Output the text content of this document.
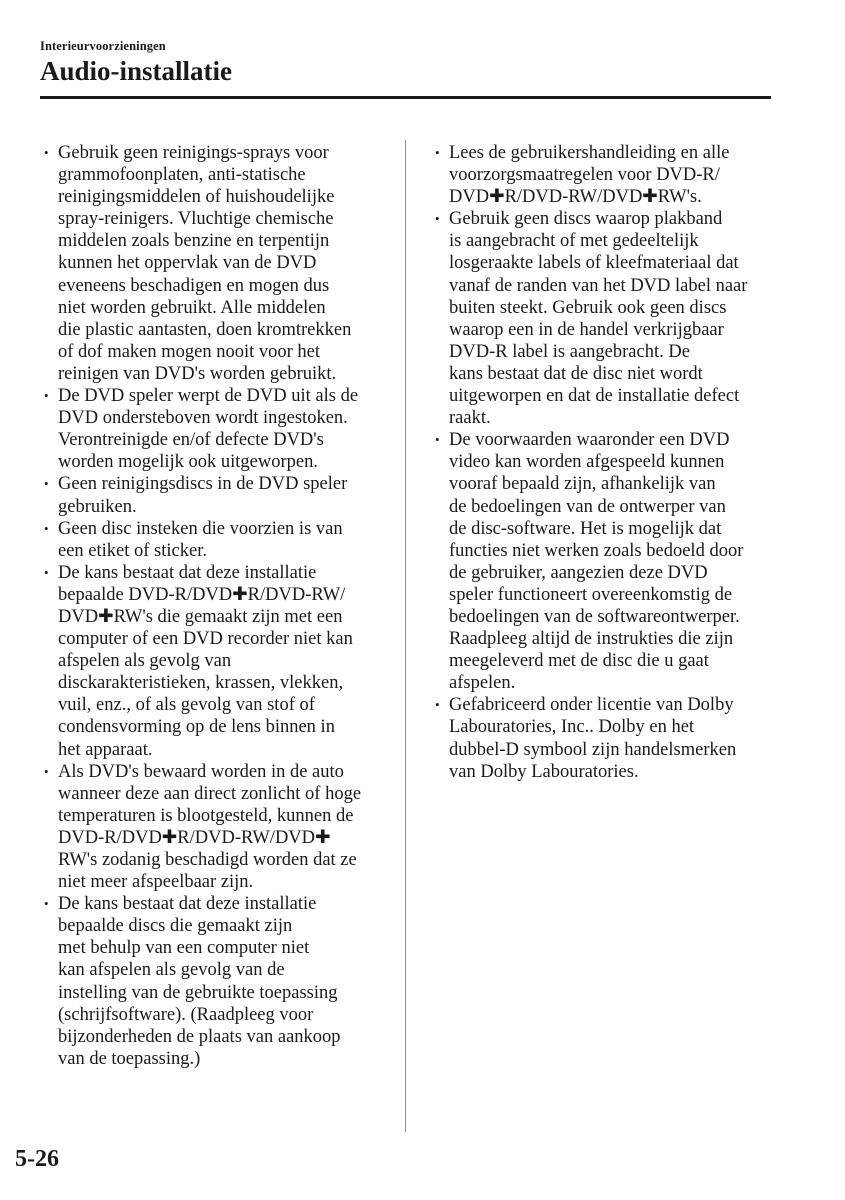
Interieurvoorzieningen
Audio-installatie
• Gebruik geen reinigings-sprays voor
grammofoonplaten, anti-statische
reinigingsmiddelen of huishoudelijke
spray-reinigers. Vluchtige chemische
middelen zoals benzine en terpentijn
kunnen het oppervlak van de DVD
eveneens beschadigen en mogen dus
niet worden gebruikt. Alle middelen
die plastic aantasten, doen kromtrekken
of dof maken mogen nooit voor het
reinigen van DVD's worden gebruikt.
• De DVD speler werpt de DVD uit als de
DVD ondersteboven wordt ingestoken.
Verontreinigde en/of defecte DVD's
worden mogelijk ook uitgeworpen.
• Geen reinigingsdiscs in de DVD speler
gebruiken.
• Geen disc insteken die voorzien is van
een etiket of sticker.
• De kans bestaat dat deze installatie
bepaalde DVD-R/DVD✚R/DVD-RW/
DVD✚RW's die gemaakt zijn met een
computer of een DVD recorder niet kan
afspelen als gevolg van
disckarakteristieken, krassen, vlekken,
vuil, enz., of als gevolg van stof of
condensvorming op de lens binnen in
het apparaat.
• Als DVD's bewaard worden in de auto
wanneer deze aan direct zonlicht of hoge
temperaturen is blootgesteld, kunnen de
DVD-R/DVD✚R/DVD-RW/DVD✚
RW's zodanig beschadigd worden dat ze
niet meer afspeelbaar zijn.
• De kans bestaat dat deze installatie
bepaalde discs die gemaakt zijn
met behulp van een computer niet
kan afspelen als gevolg van de
instelling van de gebruikte toepassing
(schrijfsoftware). (Raadpleeg voor
bijzonderheden de plaats van aankoop
van de toepassing.)
• Lees de gebruikershandleiding en alle
voorzorgsmaatregelen voor DVD-R/
DVD✚R/DVD-RW/DVD✚RW's.
• Gebruik geen discs waarop plakband
is aangebracht of met gedeeltelijk
losgeraakte labels of kleefmateriaal dat
vanaf de randen van het DVD label naar
buiten steekt. Gebruik ook geen discs
waarop een in de handel verkrijgbaar
DVD-R label is aangebracht. De
kans bestaat dat de disc niet wordt
uitgeworpen en dat de installatie defect
raakt.
• De voorwaarden waaronder een DVD
video kan worden afgespeeld kunnen
vooraf bepaald zijn, afhankelijk van
de bedoelingen van de ontwerper van
de disc-software. Het is mogelijk dat
functies niet werken zoals bedoeld door
de gebruiker, aangezien deze DVD
speler functioneert overeenkomstig de
bedoelingen van de softwareontwerper.
Raadpleeg altijd de instrukties die zijn
meegeleverd met de disc die u gaat
afspelen.
• Gefabriceerd onder licentie van Dolby
Labouratories, Inc.. Dolby en het
dubbel-D symbool zijn handelsmerken
van Dolby Labouratories.
5-26
